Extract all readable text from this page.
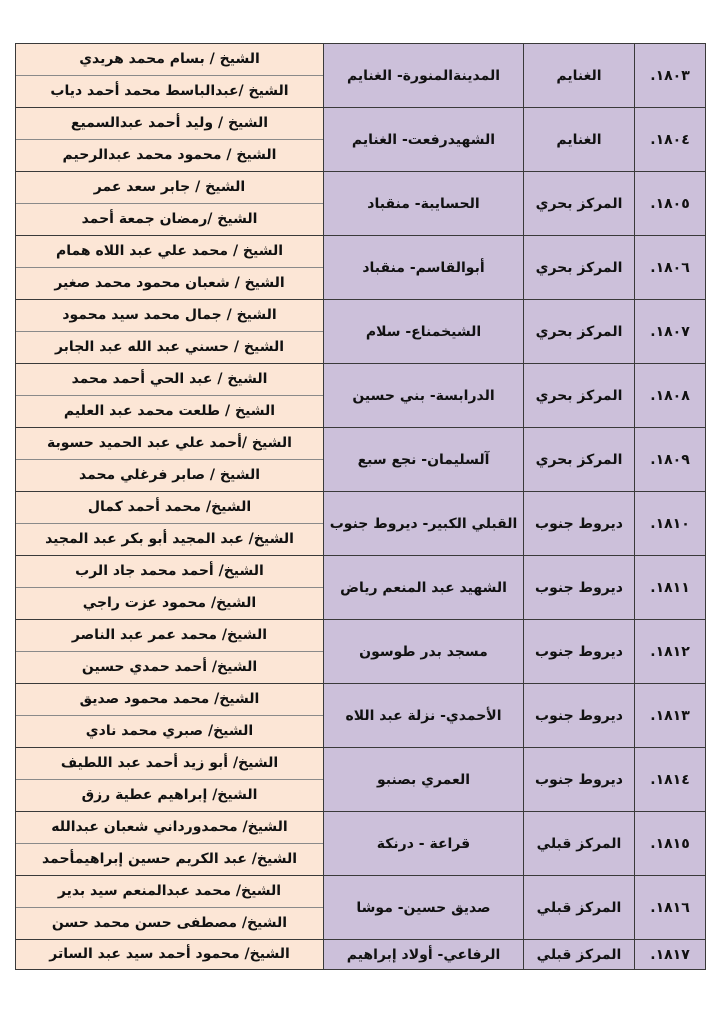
١٨٠٣.	الغنايم	المدينةالمنورة- الغنايم	الشيخ / بسام محمد هريدي
الشيخ /عبدالباسط محمد أحمد دياب

١٨٠٤.	الغنايم	الشهيدرفعت- الغنايم	الشيخ / وليد أحمد عبدالسميع
الشيخ / محمود محمد عبدالرحيم

١٨٠٥.	المركز بحري	الحسايبة- منقباد	الشيخ / جابر سعد عمر
الشيخ /رمضان جمعة أحمد

١٨٠٦.	المركز بحري	أبوالقاسم- منقباد	الشيخ / محمد علي عبد اللاه همام
الشيخ / شعبان محمود محمد صغير

١٨٠٧.	المركز بحري	الشيخمناع- سلام	الشيخ / جمال محمد سيد محمود
الشيخ / حسني عبد الله عبد الجابر

١٨٠٨.	المركز بحري	الدرابسة- بني حسين	الشيخ / عبد الحي أحمد محمد
الشيخ / طلعت محمد عبد العليم

١٨٠٩.	المركز بحري	آلسليمان- نجع سبع	الشيخ /أحمد علي عبد الحميد حسوبة
الشيخ / صابر فرغلي محمد

١٨١٠.	ديروط جنوب	القبلي الكبير- ديروط جنوب	الشيخ/ محمد أحمد كمال
الشيخ/ عبد المجيد أبو بكر عبد المجيد

١٨١١.	ديروط جنوب	الشهيد عبد المنعم رياض	الشيخ/ أحمد محمد جاد الرب
الشيخ/ محمود عزت راجي

١٨١٢.	ديروط جنوب	مسجد بدر طوسون	الشيخ/ محمد عمر عبد الناصر
الشيخ/ أحمد حمدي حسين

١٨١٣.	ديروط جنوب	الأحمدي- نزلة عبد اللاه	الشيخ/ محمد محمود صديق
الشيخ/ صبري محمد نادي

١٨١٤.	ديروط جنوب	العمري بصنبو	الشيخ/ أبو زيد أحمد عبد اللطيف
الشيخ/ إبراهيم عطية رزق

١٨١٥.	المركز قبلي	قراعة - درنكة	الشيخ/ محمدورداني شعبان عبدالله
الشيخ/ عبد الكريم حسين إبراهيمأحمد

١٨١٦.	المركز قبلي	صديق حسين- موشا	الشيخ/ محمد عبدالمنعم سيد بدير
الشيخ/ مصطفى حسن محمد حسن

١٨١٧.	المركز قبلي	الرفاعي- أولاد إبراهيم	الشيخ/ محمود أحمد سيد عبد الساتر
